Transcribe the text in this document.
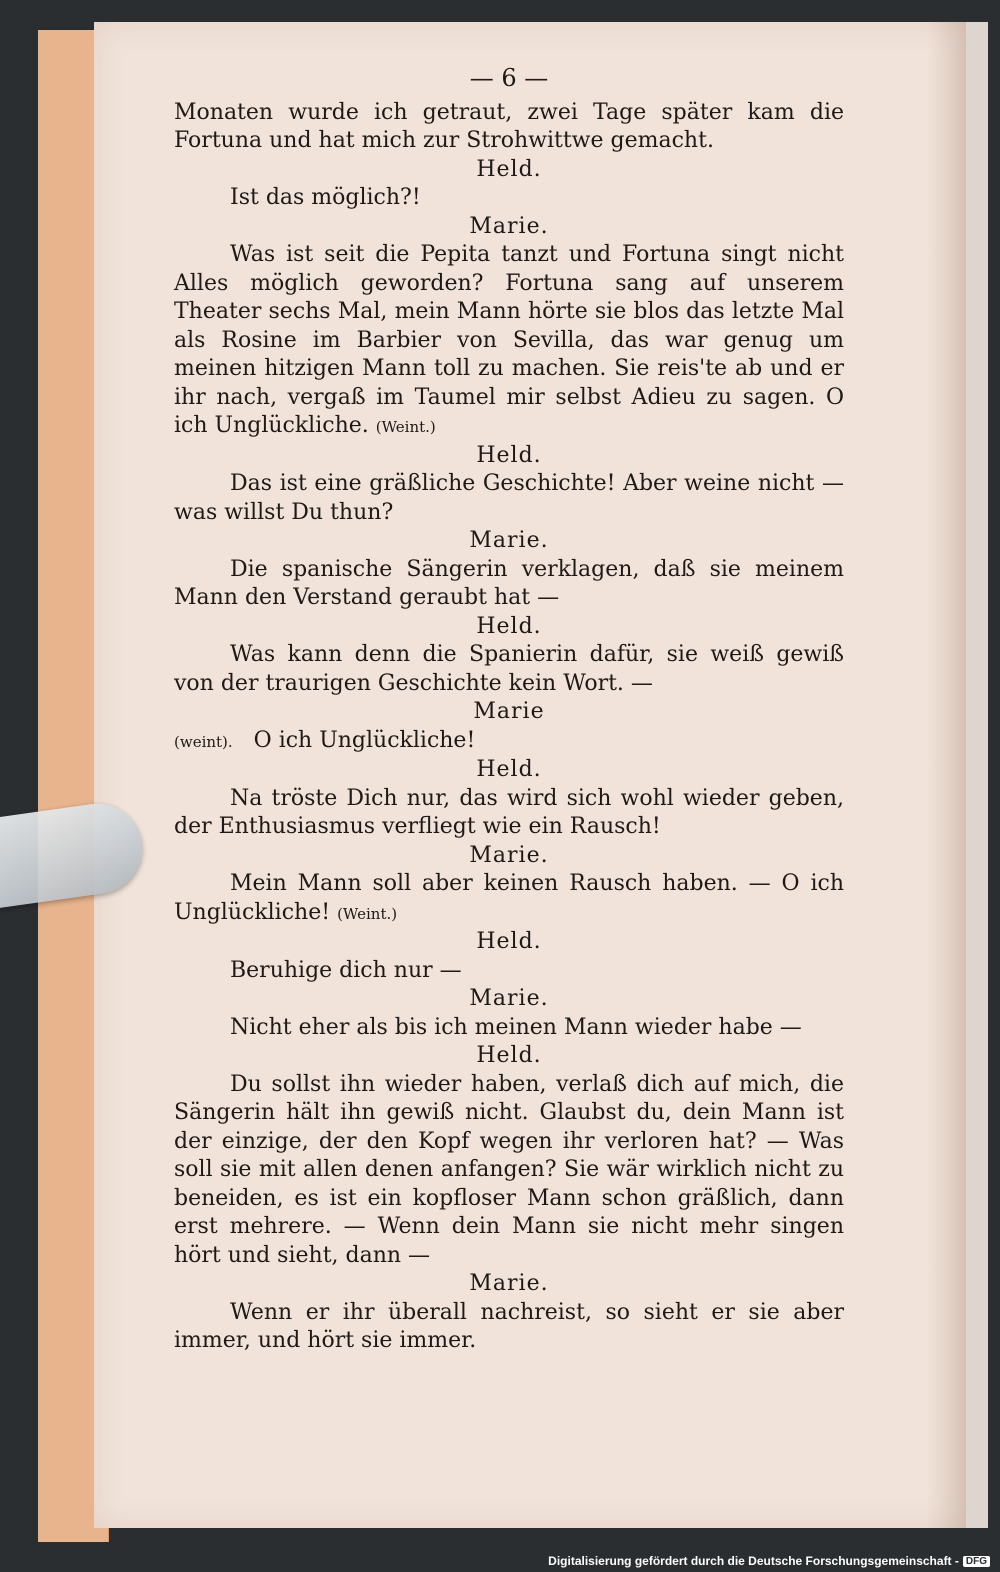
— 6 —
Monaten wurde ich getraut, zwei Tage später kam die Fortuna und hat mich zur Strohwittwe gemacht.
Held.
Ist das möglich?!
Marie.
Was ist seit die Pepita tanzt und Fortuna singt nicht Alles möglich geworden? Fortuna sang auf unserem Theater sechs Mal, mein Mann hörte sie blos das letzte Mal als Rosine im Barbier von Sevilla, das war genug um meinen hitzigen Mann toll zu machen. Sie reis'te ab und er ihr nach, vergaß im Taumel mir selbst Adieu zu sagen. O ich Unglückliche. (Weint.)
Held.
Das ist eine gräßliche Geschichte! Aber weine nicht — was willst Du thun?
Marie.
Die spanische Sängerin verklagen, daß sie meinem Mann den Verstand geraubt hat —
Held.
Was kann denn die Spanierin dafür, sie weiß gewiß von der traurigen Geschichte kein Wort. —
Marie
(weint). O ich Unglückliche!
Held.
Na tröste Dich nur, das wird sich wohl wieder geben, der Enthusiasmus verfliegt wie ein Rausch!
Marie.
Mein Mann soll aber keinen Rausch haben. — O ich Unglückliche! (Weint.)
Held.
Beruhige dich nur —
Marie.
Nicht eher als bis ich meinen Mann wieder habe —
Held.
Du sollst ihn wieder haben, verlaß dich auf mich, die Sängerin hält ihn gewiß nicht. Glaubst du, dein Mann ist der einzige, der den Kopf wegen ihr verloren hat? — Was soll sie mit allen denen anfangen? Sie wär wirklich nicht zu beneiden, es ist ein kopfloser Mann schon gräßlich, dann erst mehrere. — Wenn dein Mann sie nicht mehr singen hört und sieht, dann —
Marie.
Wenn er ihr überall nachreist, so sieht er sie aber immer, und hört sie immer.
Digitalisierung gefördert durch die Deutsche Forschungsgemeinschaft - DFG
